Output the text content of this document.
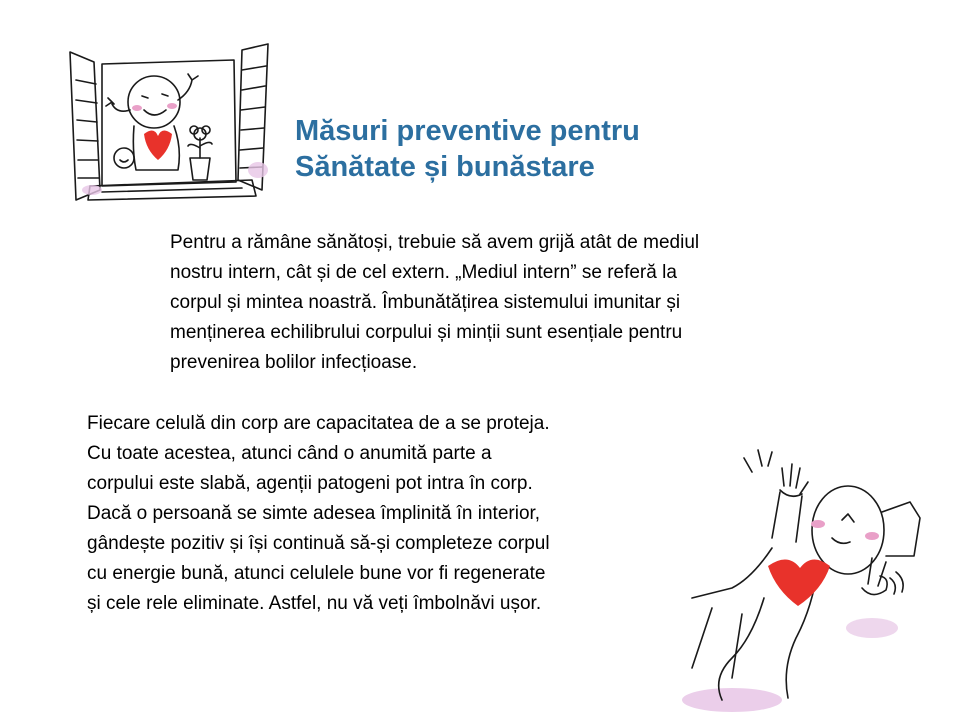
Măsuri preventive pentru
Sănătate și bunăstare

Pentru a rămâne sănătoși, trebuie să avem grijă atât de mediul
nostru intern, cât și de cel extern. „Mediul intern” se referă la
corpul și mintea noastră. Îmbunătățirea sistemului imunitar și
menținerea echilibrului corpului și minții sunt esențiale pentru
prevenirea bolilor infecțioase.

Fiecare celulă din corp are capacitatea de a se proteja.
Cu toate acestea, atunci când o anumită parte a
corpului este slabă, agenții patogeni pot intra în corp.
Dacă o persoană se simte adesea împlinită în interior,
gândește pozitiv și își continuă să-și completeze corpul
cu energie bună, atunci celulele bune vor fi regenerate
și cele rele eliminate. Astfel, nu vă veți îmbolnăvi ușor.
